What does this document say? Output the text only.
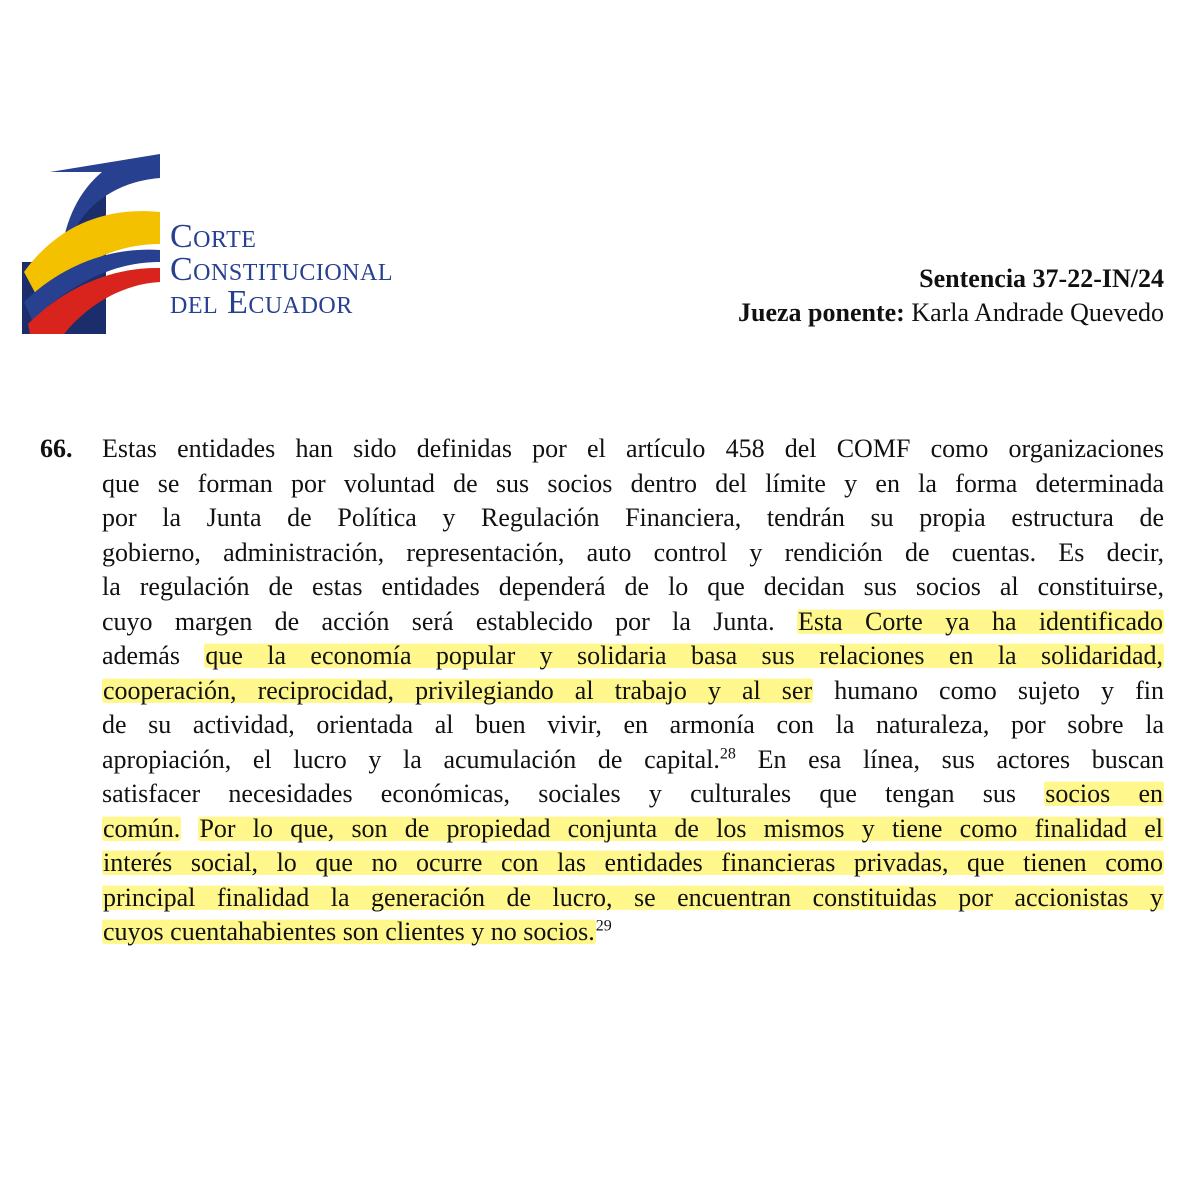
Corte
Constitucional
del Ecuador
Sentencia 37-22-IN/24
Jueza ponente: Karla Andrade Quevedo
66. Estas entidades han sido definidas por el artículo 458 del COMF como organizaciones
que se forman por voluntad de sus socios dentro del límite y en la forma determinada
por la Junta de Política y Regulación Financiera, tendrán su propia estructura de
gobierno, administración, representación, auto control y rendición de cuentas. Es decir,
la regulación de estas entidades dependerá de lo que decidan sus socios al constituirse,
cuyo margen de acción será establecido por la Junta. Esta Corte ya ha identificado
además que la economía popular y solidaria basa sus relaciones en la solidaridad,
cooperación, reciprocidad, privilegiando al trabajo y al ser humano como sujeto y fin
de su actividad, orientada al buen vivir, en armonía con la naturaleza, por sobre la
apropiación, el lucro y la acumulación de capital.$^{28}$ En esa línea, sus actores buscan
satisfacer necesidades económicas, sociales y culturales que tengan sus socios en
común. Por lo que, son de propiedad conjunta de los mismos y tiene como finalidad el
interés social, lo que no ocurre con las entidades financieras privadas, que tienen como
principal finalidad la generación de lucro, se encuentran constituidas por accionistas y
cuyos cuentahabientes son clientes y no socios.$^{29}$
